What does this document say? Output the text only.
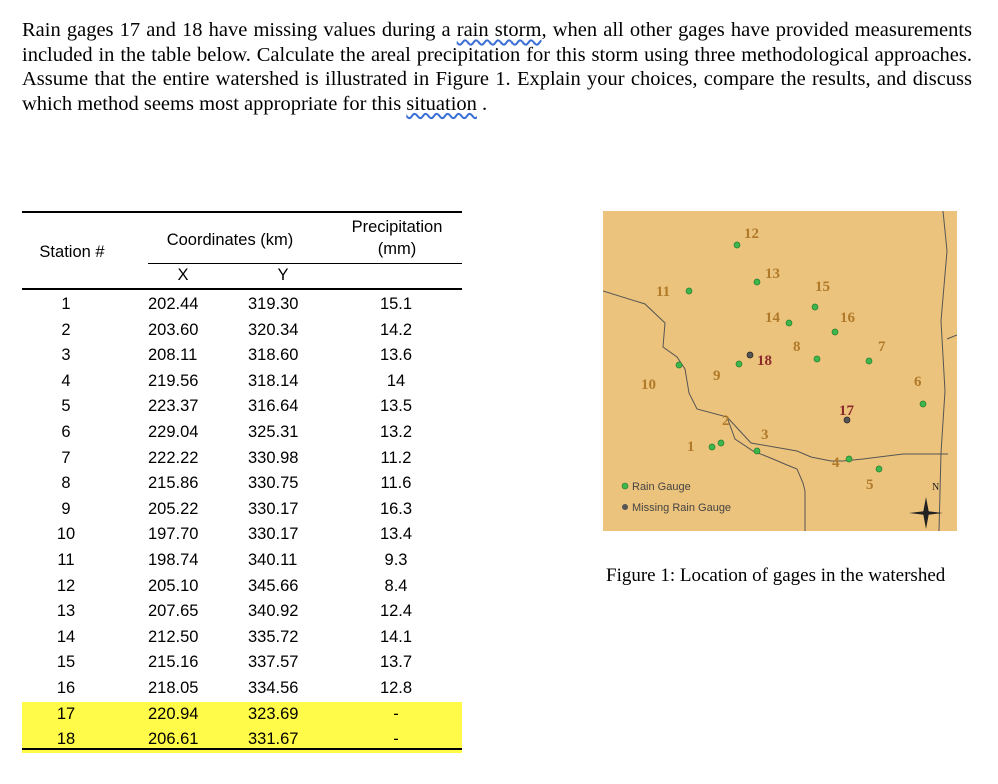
Rain gages 17 and 18 have missing values during a rain storm, when all other gages have provided measurements included in the table below. Calculate the areal precipitation for this storm using three methodological approaches. Assume that the entire watershed is illustrated in Figure 1. Explain your choices, compare the results, and discuss which method seems most appropriate for this situation .
Station #
Coordinates (km)
Precipitation
(mm)
X	Y
1	202.44	319.30	15.1
2	203.60	320.34	14.2
3	208.11	318.60	13.6
4	219.56	318.14	14
5	223.37	316.64	13.5
6	229.04	325.31	13.2
7	222.22	330.98	11.2
8	215.86	330.75	11.6
9	205.22	330.17	16.3
10	197.70	330.17	13.4
11	198.74	340.11	9.3
12	205.10	345.66	8.4
13	207.65	340.92	12.4
14	212.50	335.72	14.1
15	215.16	337.57	13.7
16	218.05	334.56	12.8
17	220.94	323.69	-
18	206.61	331.67	-
1
2
3
4
5
6
7
8
9
10
11
12
13
14
15
16
17
18
Rain Gauge
Missing Rain Gauge
N
Figure 1: Location of gages in the watershed
